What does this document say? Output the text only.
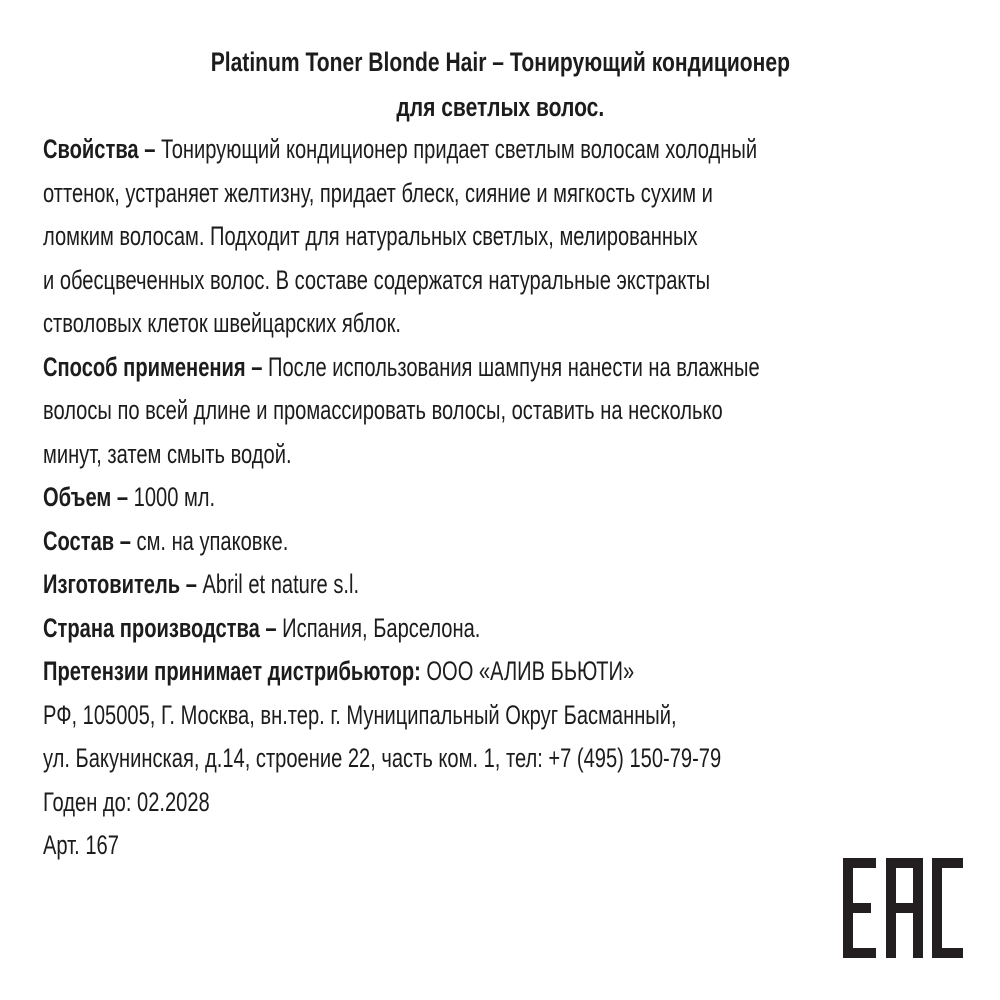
Platinum Toner Blonde Hair – Тонирующий кондиционер
для светлых волос.
Свойства – Тонирующий кондиционер придает светлым волосам холодный
оттенок, устраняет желтизну, придает блеск, сияние и мягкость сухим и
ломким волосам. Подходит для натуральных светлых, мелированных
и обесцвеченных волос. В составе содержатся натуральные экстракты
стволовых клеток швейцарских яблок.
Способ применения – После использования шампуня нанести на влажные
волосы по всей длине и промассировать волосы, оставить на несколько
минут, затем смыть водой.
Объем – 1000 мл.
Состав – см. на упаковке.
Изготовитель – Abril et nature s.l.
Страна производства – Испания, Барселона.
Претензии принимает дистрибьютор: ООО «АЛИВ БЬЮТИ»
РФ, 105005, Г. Москва, вн.тер. г. Муниципальный Округ Басманный,
ул. Бакунинская, д.14, строение 22, часть ком. 1, тел: +7 (495) 150-79-79
Годен до: 02.2028
Арт. 167
